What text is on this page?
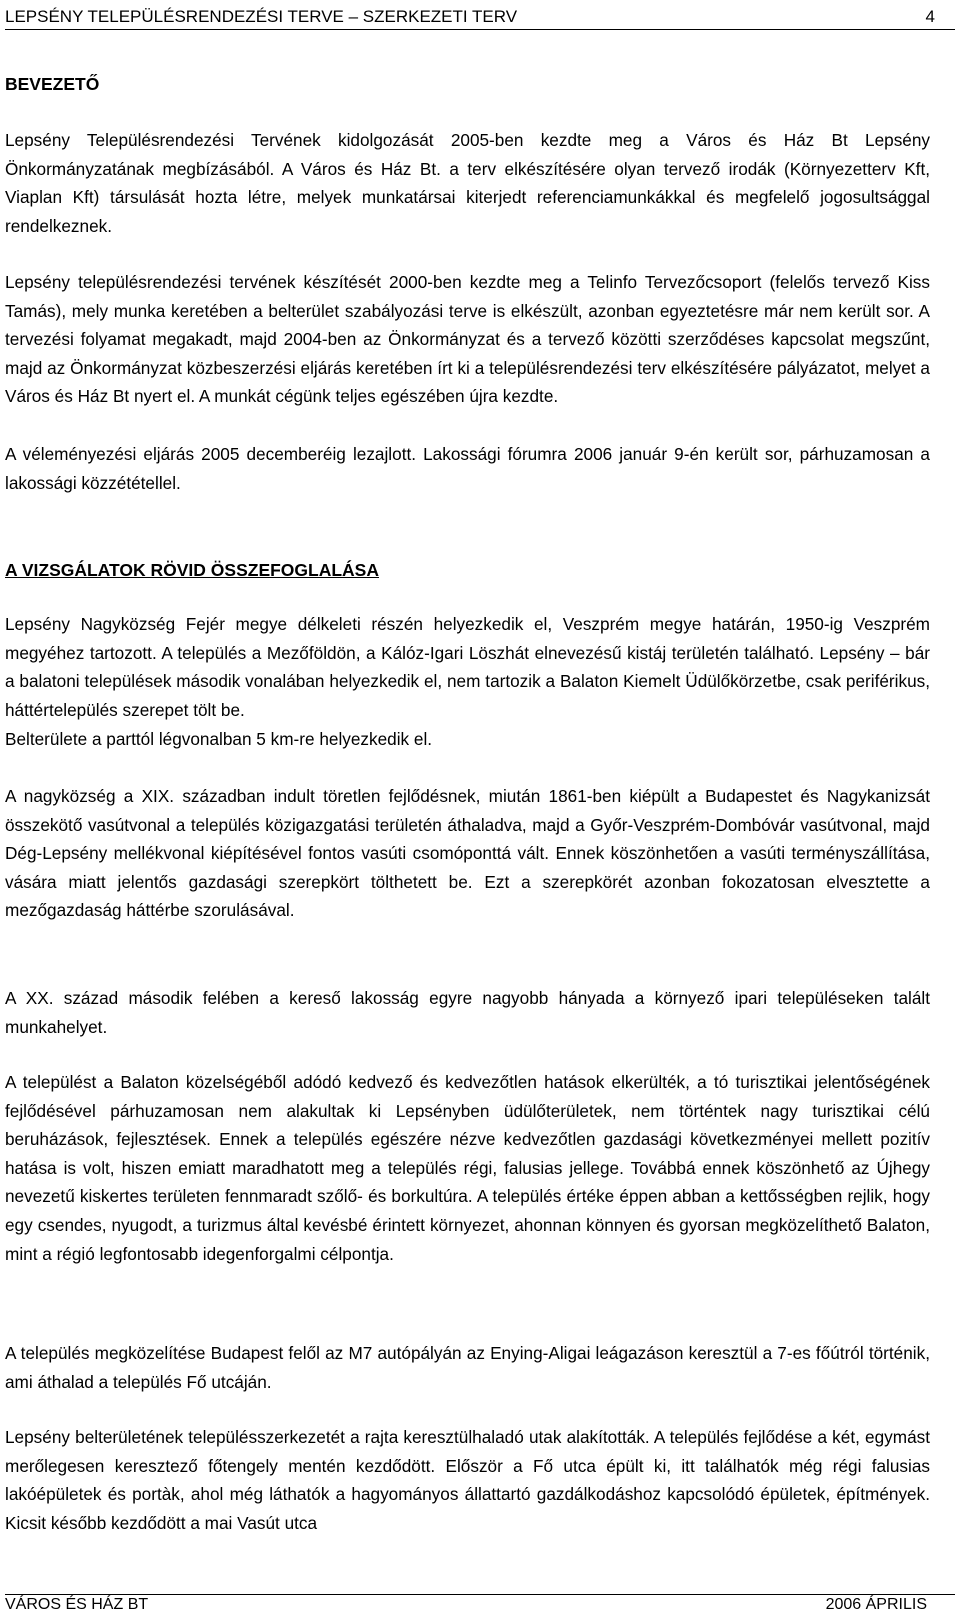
LEPSÉNY TELEPÜLÉSRENDEZÉSI TERVE – SZERKEZETI TERV	4
BEVEZETŐ

Lepsény Településrendezési Tervének kidolgozását 2005-ben kezdte meg a Város és Ház Bt Lepsény Önkormányzatának megbízásából. A Város és Ház Bt. a terv elkészítésére olyan tervező irodák (Környezetterv Kft, Viaplan Kft) társulását hozta létre, melyek munkatársai kiterjedt referenciamunkákkal és megfelelő jogosultsággal rendelkeznek.

Lepsény településrendezési tervének készítését 2000-ben kezdte meg a Telinfo Tervezőcsoport (felelős tervező Kiss Tamás), mely munka keretében a belterület szabályozási terve is elkészült, azonban egyeztetésre már nem került sor. A tervezési folyamat megakadt, majd 2004-ben az Önkormányzat és a tervező közötti szerződéses kapcsolat megszűnt, majd az Önkormányzat közbeszerzési eljárás keretében írt ki a településrendezési terv elkészítésére pályázatot, melyet a Város és Ház Bt nyert el. A munkát cégünk teljes egészében újra kezdte.

A véleményezési eljárás 2005 decemberéig lezajlott. Lakossági fórumra 2006 január 9-én került sor, párhuzamosan a lakossági közzététellel.

A VIZSGÁLATOK RÖVID ÖSSZEFOGLALÁSA

Lepsény Nagyközség Fejér megye délkeleti részén helyezkedik el, Veszprém megye határán, 1950-ig Veszprém megyéhez tartozott. A település a Mezőföldön, a Kálóz-Igari Löszhát elnevezésű kistáj területén található. Lepsény – bár a balatoni települések második vonalában helyezkedik el, nem tartozik a Balaton Kiemelt Üdülőkörzetbe, csak periférikus, háttértelepülés szerepet tölt be.

Belterülete a parttól légvonalban 5 km-re helyezkedik el.

A nagyközség a XIX. században indult töretlen fejlődésnek, miután 1861-ben kiépült a Budapestet és Nagykanizsát összekötő vasútvonal a település közigazgatási területén áthaladva, majd a Győr-Veszprém-Dombóvár vasútvonal, majd Dég-Lepsény mellékvonal kiépítésével fontos vasúti csomóponttá vált. Ennek köszönhetően a vasúti terményszállítása, vására miatt jelentős gazdasági szerepkört tölthetett be. Ezt a szerepkörét azonban fokozatosan elvesztette a mezőgazdaság háttérbe szorulásával.

A XX. század második felében a kereső lakosság egyre nagyobb hányada a környező ipari településeken talált munkahelyet.

A települést a Balaton közelségéből adódó kedvező és kedvezőtlen hatások elkerülték, a tó turisztikai jelentőségének fejlődésével párhuzamosan nem alakultak ki Lepsényben üdülőterületek, nem történtek nagy turisztikai célú beruházások, fejlesztések. Ennek a település egészére nézve kedvezőtlen gazdasági következményei mellett pozitív hatása is volt, hiszen emiatt maradhatott meg a település régi, falusias jellege. Továbbá ennek köszönhető az Újhegy nevezetű kiskertes területen fennmaradt szőlő- és borkultúra. A település értéke éppen abban a kettősségben rejlik, hogy egy csendes, nyugodt, a turizmus által kevésbé érintett környezet, ahonnan könnyen és gyorsan megközelíthető Balaton, mint a régió legfontosabb idegenforgalmi célpontja.

A település megközelítése Budapest felől az M7 autópályán az Enying-Aligai leágazáson keresztül a 7-es főútról történik, ami áthalad a település Fő utcáján.

Lepsény belterületének településszerkezetét a rajta keresztülhaladó utak alakították. A település fejlődése a két, egymást merőlegesen keresztező főtengely mentén kezdődött. Először a Fő utca épült ki, itt találhatók még régi falusias lakóépületek és portàk, ahol még láthatók a hagyományos állattartó gazdálkodáshoz kapcsolódó épületek, építmények. Kicsit később kezdődött a mai Vasút utca

VÁROS ÉS HÁZ BT	2006 ÁPRILIS
